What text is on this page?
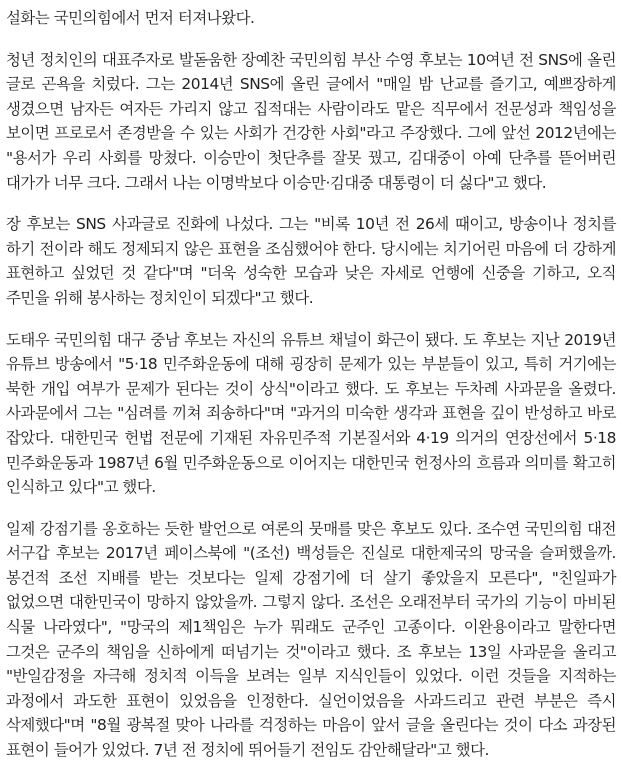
설화는 국민의힘에서 먼저 터져나왔다.

청년 정치인의 대표주자로 발돋움한 장예찬 국민의힘 부산 수영 후보는 10여년 전 SNS에 올린 글로 곤욕을 치렀다. 그는 2014년 SNS에 올린 글에서 "매일 밤 난교를 즐기고, 예쁘장하게 생겼으면 남자든 여자든 가리지 않고 집적대는 사람이라도 맡은 직무에서 전문성과 책임성을 보이면 프로로서 존경받을 수 있는 사회가 건강한 사회"라고 주장했다. 그에 앞선 2012년에는 "용서가 우리 사회를 망쳤다. 이승만이 첫단추를 잘못 꿨고, 김대중이 아예 단추를 뜯어버린 대가가 너무 크다. 그래서 나는 이명박보다 이승만·김대중 대통령이 더 싫다"고 했다.

장 후보는 SNS 사과글로 진화에 나섰다. 그는 "비록 10년 전 26세 때이고, 방송이나 정치를 하기 전이라 해도 정제되지 않은 표현을 조심했어야 한다. 당시에는 치기어린 마음에 더 강하게 표현하고 싶었던 것 같다"며 "더욱 성숙한 모습과 낮은 자세로 언행에 신중을 기하고, 오직 주민을 위해 봉사하는 정치인이 되겠다"고 했다.

도태우 국민의힘 대구 중남 후보는 자신의 유튜브 채널이 화근이 됐다. 도 후보는 지난 2019년 유튜브 방송에서 "5·18 민주화운동에 대해 굉장히 문제가 있는 부분들이 있고, 특히 거기에는 북한 개입 여부가 문제가 된다는 것이 상식"이라고 했다. 도 후보는 두차례 사과문을 올렸다. 사과문에서 그는 "심려를 끼쳐 죄송하다"며 "과거의 미숙한 생각과 표현을 깊이 반성하고 바로 잡았다. 대한민국 헌법 전문에 기재된 자유민주적 기본질서와 4·19 의거의 연장선에서 5·18 민주화운동과 1987년 6월 민주화운동으로 이어지는 대한민국 헌정사의 흐름과 의미를 확고히 인식하고 있다"고 했다.

일제 강점기를 옹호하는 듯한 발언으로 여론의 뭇매를 맞은 후보도 있다. 조수연 국민의힘 대전 서구갑 후보는 2017년 페이스북에 "(조선) 백성들은 진실로 대한제국의 망국을 슬퍼했을까. 봉건적 조선 지배를 받는 것보다는 일제 강점기에 더 살기 좋았을지 모른다", "친일파가 없었으면 대한민국이 망하지 않았을까. 그렇지 않다. 조선은 오래전부터 국가의 기능이 마비된 식물 나라였다", "망국의 제1책임은 누가 뭐래도 군주인 고종이다. 이완용이라고 말한다면 그것은 군주의 책임을 신하에게 떠넘기는 것"이라고 했다. 조 후보는 13일 사과문을 올리고 "반일감정을 자극해 정치적 이득을 보려는 일부 지식인들이 있었다. 이런 것들을 지적하는 과정에서 과도한 표현이 있었음을 인정한다. 실언이었음을 사과드리고 관련 부분은 즉시 삭제했다"며 "8월 광복절 맞아 나라를 걱정하는 마음이 앞서 글을 올린다는 것이 다소 과장된 표현이 들어가 있었다. 7년 전 정치에 뛰어들기 전임도 감안해달라"고 했다.
